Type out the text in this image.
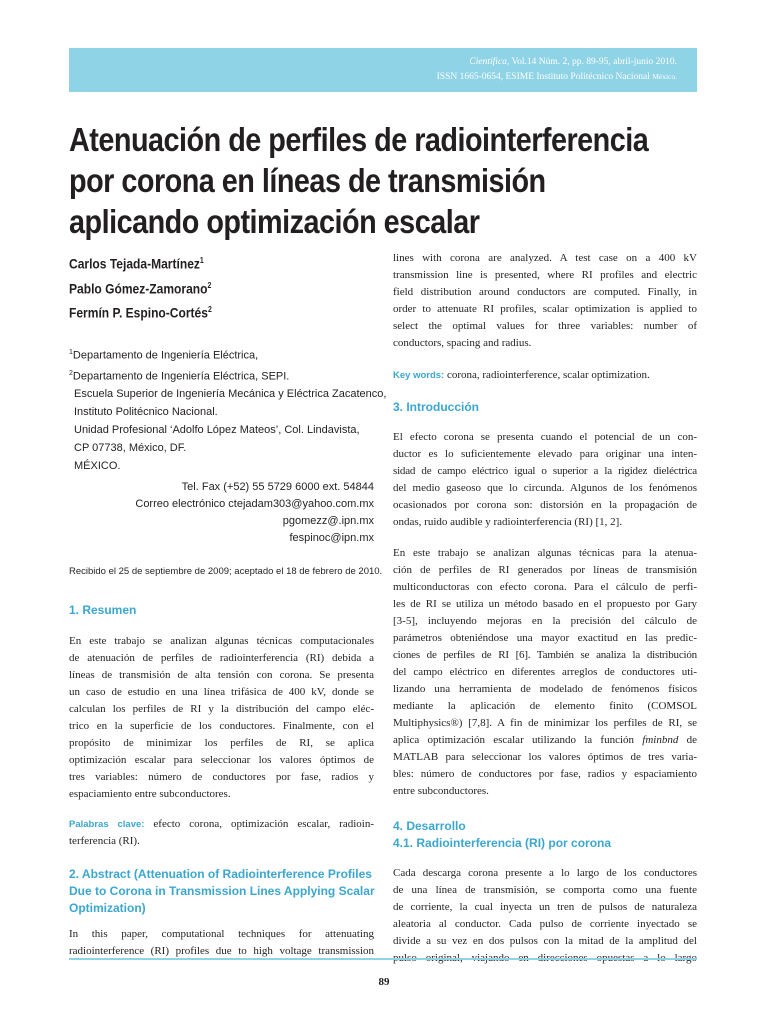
Científica, Vol.14 Núm. 2, pp. 89-95, abril-junio 2010.
ISSN 1665-0654, ESIME Instituto Politécnico Nacional México.
Atenuación de perfiles de radiointerferencia
por corona en líneas de transmisión
aplicando optimización escalar
Carlos Tejada-Martínez$^1$
Pablo Gómez-Zamorano$^2$
Fermín P. Espino-Cortés$^2$
$^1$Departamento de Ingeniería Eléctrica,
$^2$Departamento de Ingeniería Eléctrica, SEPI.
Escuela Superior de Ingeniería Mecánica y Eléctrica Zacatenco,
Instituto Politécnico Nacional.
Unidad Profesional ‘Adolfo López Mateos’, Col. Lindavista,
CP 07738, México, DF.
MÉXICO.
Tel. Fax (+52) 55 5729 6000 ext. 54844
Correo electrónico ctejadam303@yahoo.com.mx
pgomezz@.ipn.mx
fespinoc@ipn.mx
Recibido el 25 de septiembre de 2009; aceptado el 18 de febrero de 2010.
1. Resumen
En este trabajo se analizan algunas técnicas computacionales
de atenuación de perfiles de radiointerferencia (RI) debida a
líneas de transmisión de alta tensión con corona. Se presenta
un caso de estudio en una línea trifásica de 400 kV, donde se
calculan los perfiles de RI y la distribución del campo eléc-
trico en la superficie de los conductores. Finalmente, con el
propósito de minimizar los perfiles de RI, se aplica
optimización escalar para seleccionar los valores óptimos de
tres variables: número de conductores por fase, radios y
espaciamiento entre subconductores.
Palabras clave: efecto corona, optimización escalar, radioin-
terferencia (RI).
2. Abstract (Attenuation of Radiointerference Profiles
Due to Corona in Transmission Lines Applying Scalar
Optimization)
In this paper, computational techniques for attenuating
radiointerference (RI) profiles due to high voltage transmission
lines with corona are analyzed. A test case on a 400 kV
transmission line is presented, where RI profiles and electric
field distribution around conductors are computed. Finally, in
order to attenuate RI profiles, scalar optimization is applied to
select the optimal values for three variables: number of
conductors, spacing and radius.
Key words: corona, radiointerference, scalar optimization.
3. Introducción
El efecto corona se presenta cuando el potencial de un con-
ductor es lo suficientemente elevado para originar una inten-
sidad de campo eléctrico igual o superior a la rigidez dieléctrica
del medio gaseoso que lo circunda. Algunos de los fenómenos
ocasionados por corona son: distorsión en la propagación de
ondas, ruido audible y radiointerferencia (RI) [1, 2].
En este trabajo se analizan algunas técnicas para la atenua-
ción de perfiles de RI generados por líneas de transmisión
multiconductoras con efecto corona. Para el cálculo de perfi-
les de RI se utiliza un método basado en el propuesto por Gary
[3-5], incluyendo mejoras en la precisión del cálculo de
parámetros obteniéndose una mayor exactitud en las predic-
ciones de perfiles de RI [6]. También se analiza la distribución
del campo eléctrico en diferentes arreglos de conductores uti-
lizando una herramienta de modelado de fenómenos físicos
mediante la aplicación de elemento finito (COMSOL
Multiphysics®) [7,8]. A fin de minimizar los perfiles de RI, se
aplica optimización escalar utilizando la función fminbnd de
MATLAB para seleccionar los valores óptimos de tres varia-
bles: número de conductores por fase, radios y espaciamiento
entre subconductores.
4. Desarrollo
4.1. Radiointerferencia (RI) por corona
Cada descarga corona presente a lo largo de los conductores
de una línea de transmisión, se comporta como una fuente
de corriente, la cual inyecta un tren de pulsos de naturaleza
aleatoria al conductor. Cada pulso de corriente inyectado se
divide a su vez en dos pulsos con la mitad de la amplitud del
89
